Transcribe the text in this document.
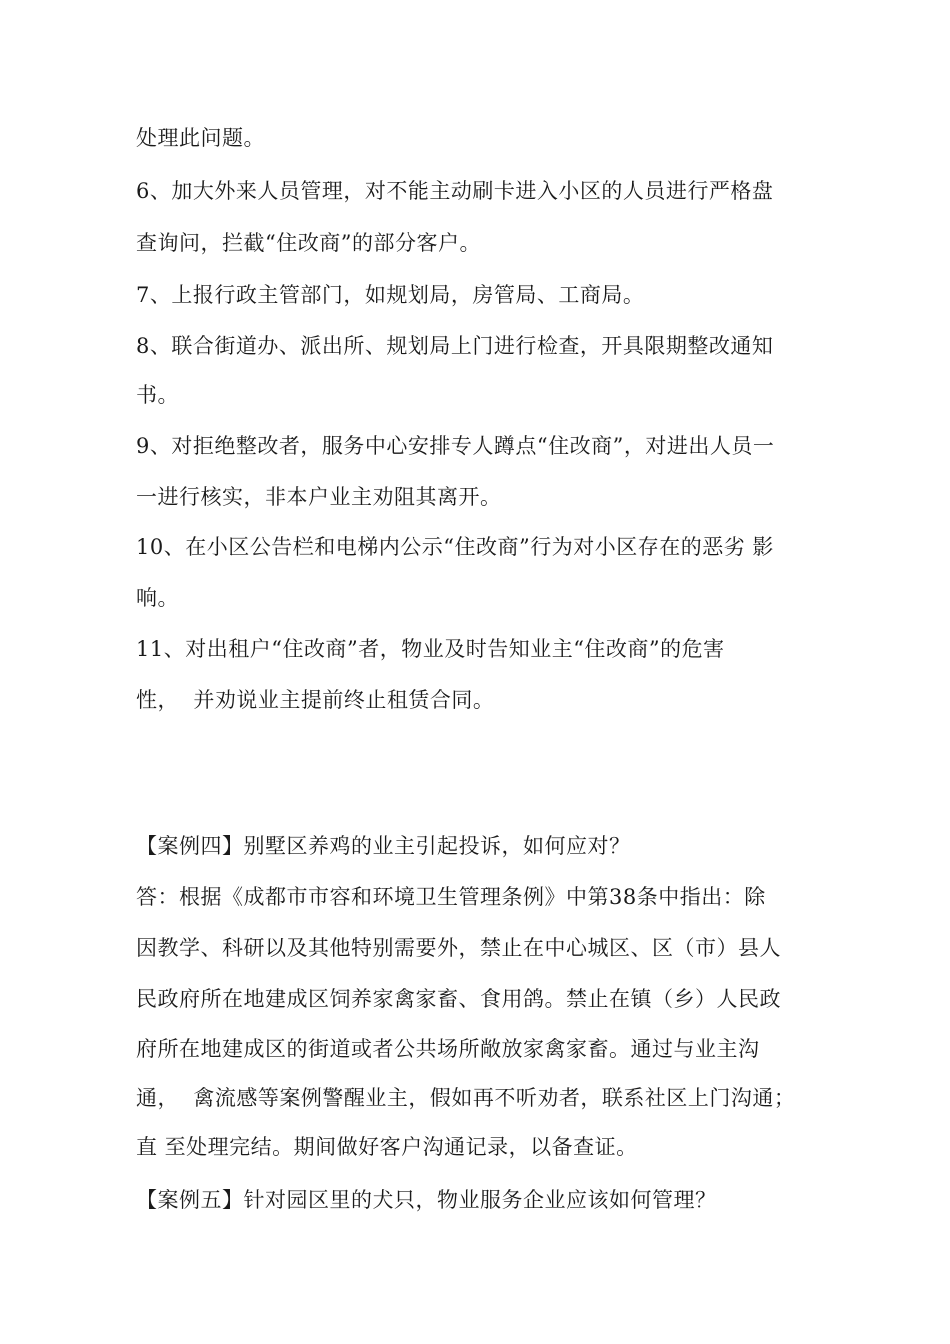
处理此问题。
6、加大外来人员管理，对不能主动刷卡进入小区的人员进行严格盘
查询问，拦截“住改商”的部分客户。
7、上报行政主管部门，如规划局，房管局、工商局。
8、联合街道办、派出所、规划局上门进行检查，开具限期整改通知
书。
9、对拒绝整改者，服务中心安排专人蹲点“住改商”，对进出人员一
一进行核实，非本户业主劝阻其离开。
10、在小区公告栏和电梯内公示“住改商”行为对小区存在的恶劣 影
响。
11、对出租户“住改商”者，物业及时告知业主“住改商”的危害
性，  并劝说业主提前终止租赁合同。
【案例四】别墅区养鸡的业主引起投诉，如何应对？
答：根据《成都市市容和环境卫生管理条例》中第38条中指出：除
因教学、科研以及其他特别需要外，禁止在中心城区、区（市）县人
民政府所在地建成区饲养家禽家畜、食用鸽。禁止在镇（乡）人民政
府所在地建成区的街道或者公共场所敞放家禽家畜。通过与业主沟
通，  禽流感等案例警醒业主，假如再不听劝者，联系社区上门沟通；
直 至处理完结。期间做好客户沟通记录，以备查证。
【案例五】针对园区里的犬只，物业服务企业应该如何管理？
